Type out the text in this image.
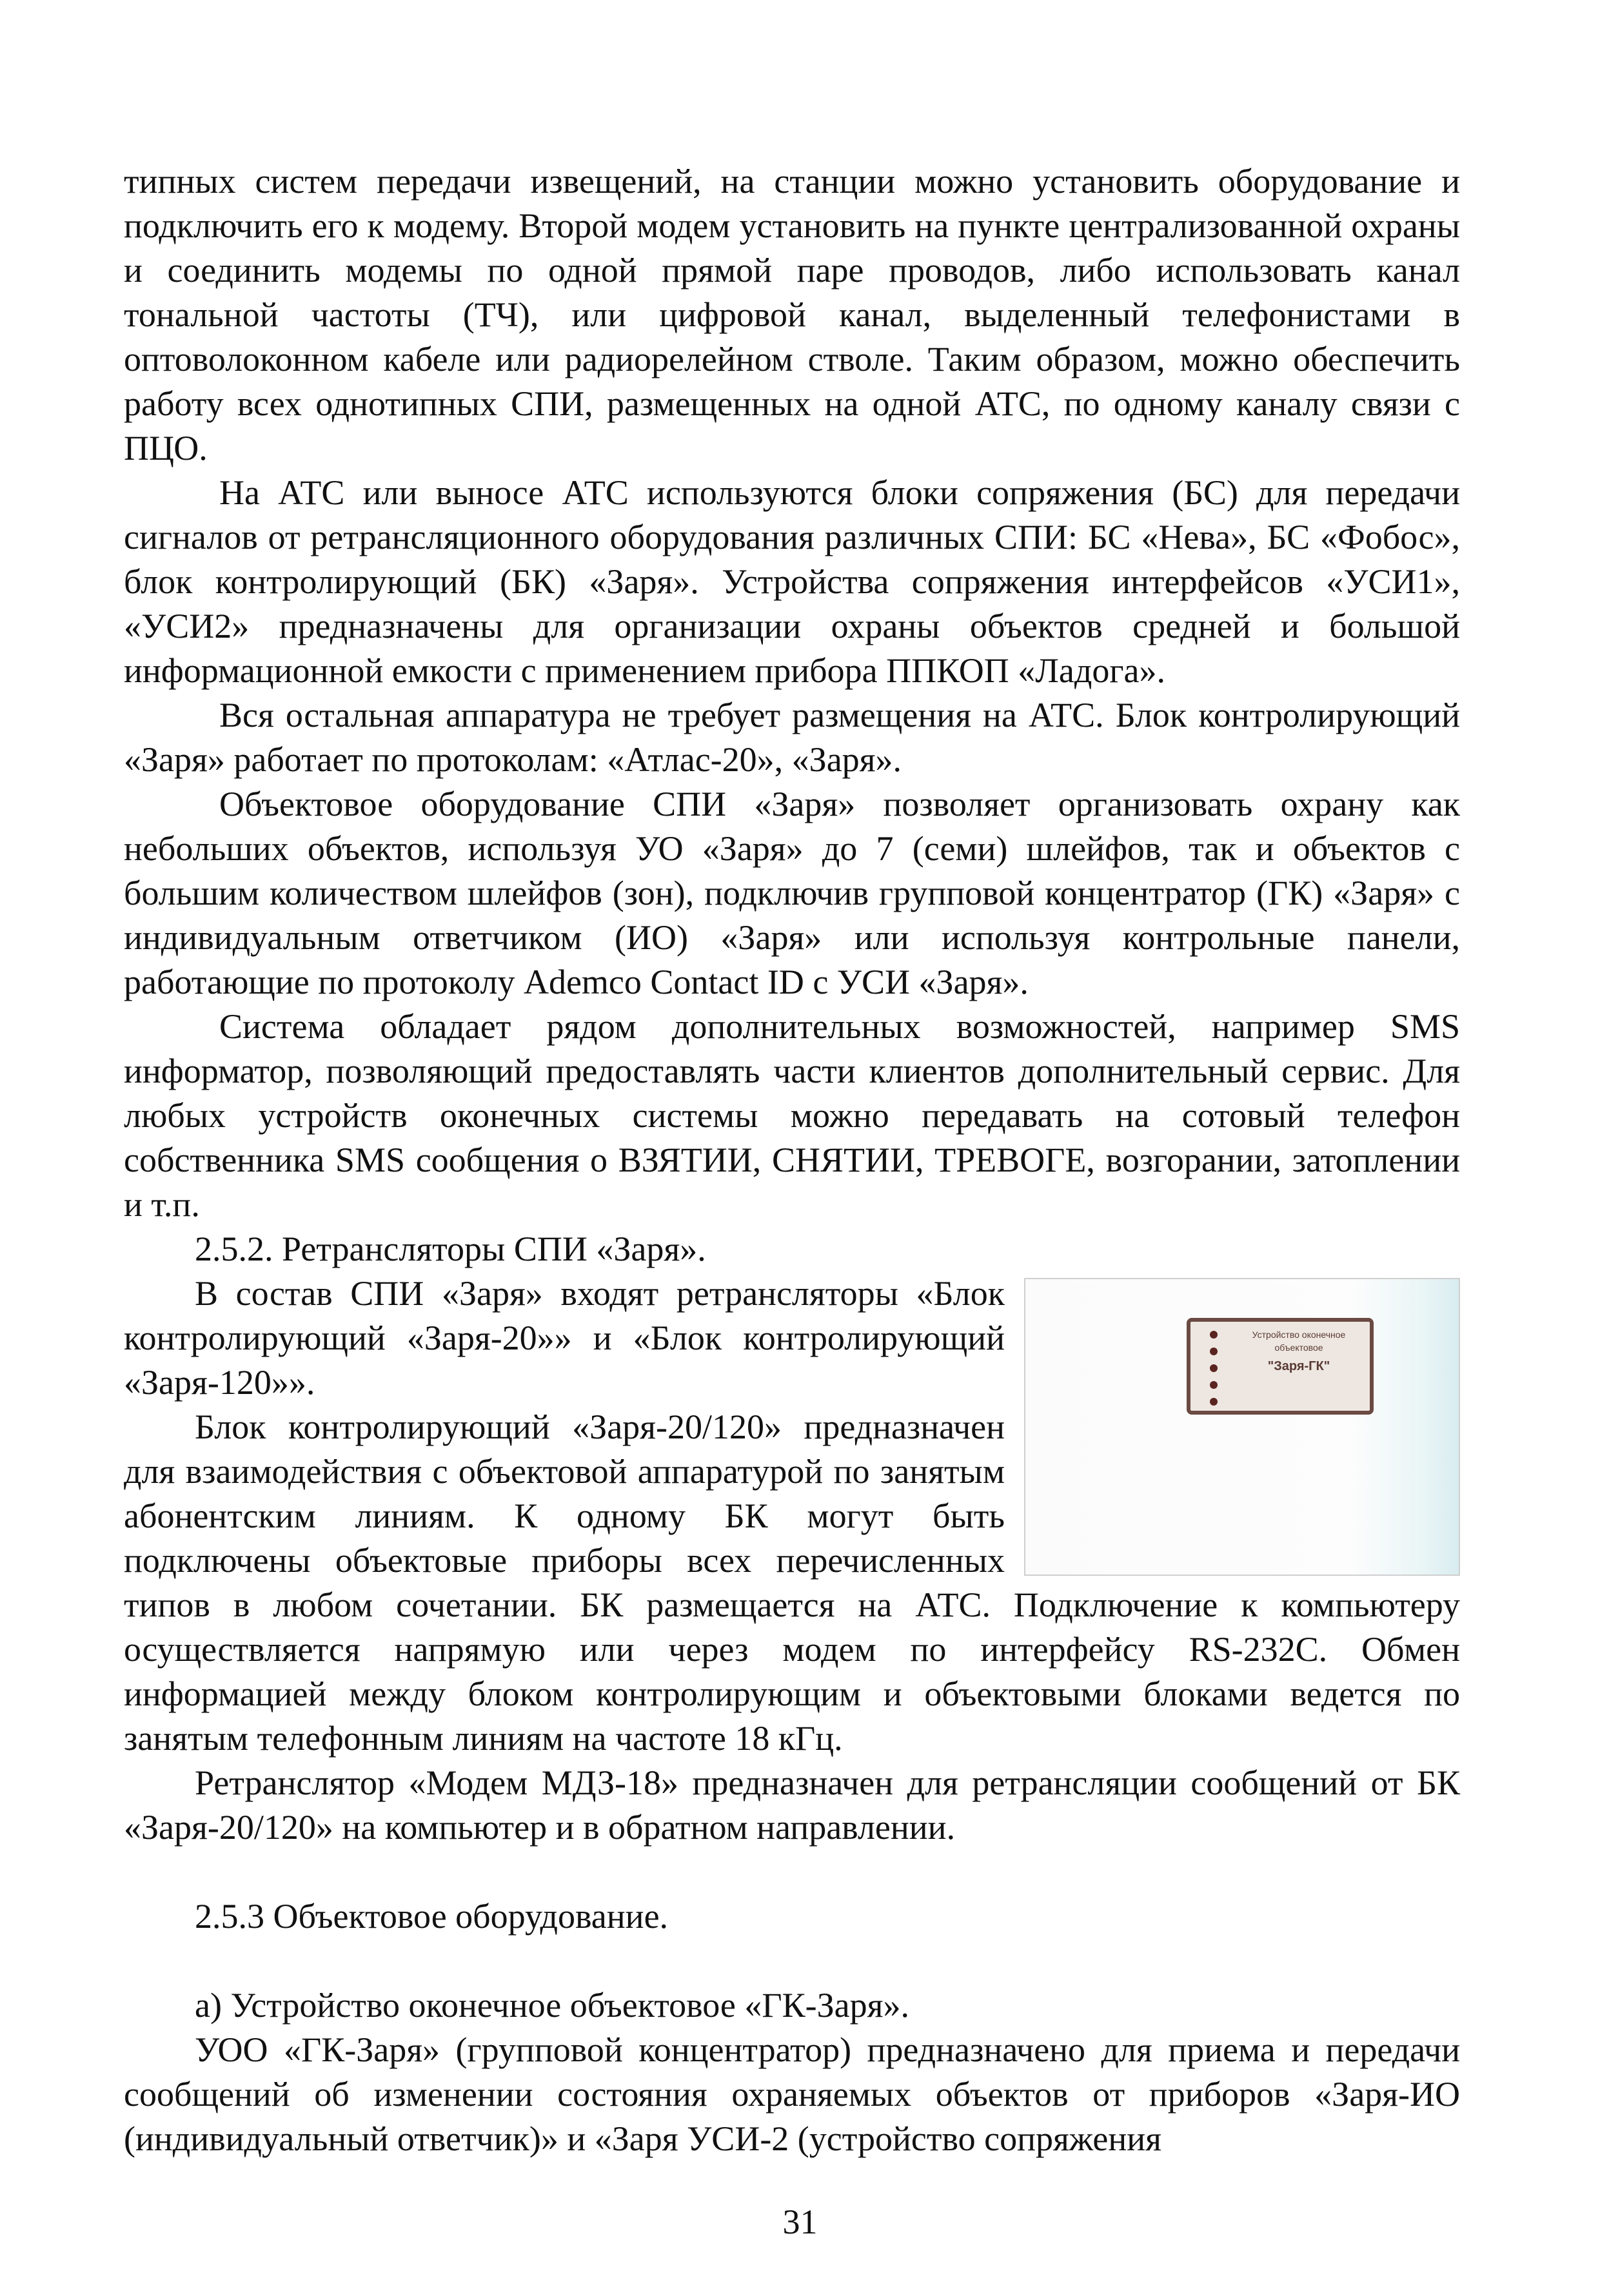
типных систем передачи извещений, на станции можно установить оборудование и подключить его к модему. Второй модем установить на пункте централизованной охраны и соединить модемы по одной прямой паре проводов, либо использовать канал тональной частоты (ТЧ), или цифровой канал, выделенный телефонистами в оптоволоконном кабеле или радиорелейном стволе. Таким образом, можно обеспечить работу всех однотипных СПИ, размещенных на одной АТС, по одному каналу связи с ПЦО.

На АТС или выносе АТС используются блоки сопряжения (БС) для передачи сигналов от ретрансляционного оборудования различных СПИ: БС «Нева», БС «Фобос», блок контролирующий (БК) «Заря». Устройства сопряжения интерфейсов «УСИ1», «УСИ2» предназначены для организации охраны объектов средней и большой информационной емкости с применением прибора ППКОП «Ладога».

Вся остальная аппаратура не требует размещения на АТС. Блок контролирующий «Заря» работает по протоколам: «Атлас-20», «Заря».

Объектовое оборудование СПИ «Заря» позволяет организовать охрану как небольших объектов, используя УО «Заря» до 7 (семи) шлейфов, так и объектов с большим количеством шлейфов (зон), подключив групповой концентратор (ГК) «Заря» с индивидуальным ответчиком (ИО) «Заря» или используя контрольные панели, работающие по протоколу Ademco Contact ID с УСИ «Заря».

Система обладает рядом дополнительных возможностей, например SMS информатор, позволяющий предоставлять части клиентов дополнительный сервис. Для любых устройств оконечных системы можно передавать на сотовый телефон собственника SMS сообщения о ВЗЯТИИ, СНЯТИИ, ТРЕВОГЕ, возгорании, затоплении и т.п.

2.5.2. Ретрансляторы СПИ «Заря».

Устройство оконечное
объектовое
"Заря-ГК"

В состав СПИ «Заря» входят ретрансляторы «Блок контролирующий «Заря-20»» и «Блок контролирующий «Заря-120»».

Блок контролирующий «Заря-20/120» предназначен для взаимодействия с объектовой аппаратурой по занятым абонентским линиям. К одному БК могут быть подключены объектовые приборы всех перечисленных типов в любом сочетании. БК размещается на АТС. Подключение к компьютеру осуществляется напрямую или через модем по интерфейсу RS-232C. Обмен информацией между блоком контролирующим и объектовыми блоками ведется по занятым телефонным линиям на частоте 18 кГц.

Ретранслятор «Модем МДЗ-18» предназначен для ретрансляции сообщений от БК «Заря-20/120» на компьютер и в обратном направлении.

2.5.3 Объектовое оборудование.

а) Устройство оконечное объектовое «ГК-Заря».

УОО «ГК-Заря» (групповой концентратор) предназначено для приема и передачи сообщений об изменении состояния охраняемых объектов от приборов «Заря-ИО (индивидуальный ответчик)» и «Заря УСИ-2 (устройство сопряжения

31
